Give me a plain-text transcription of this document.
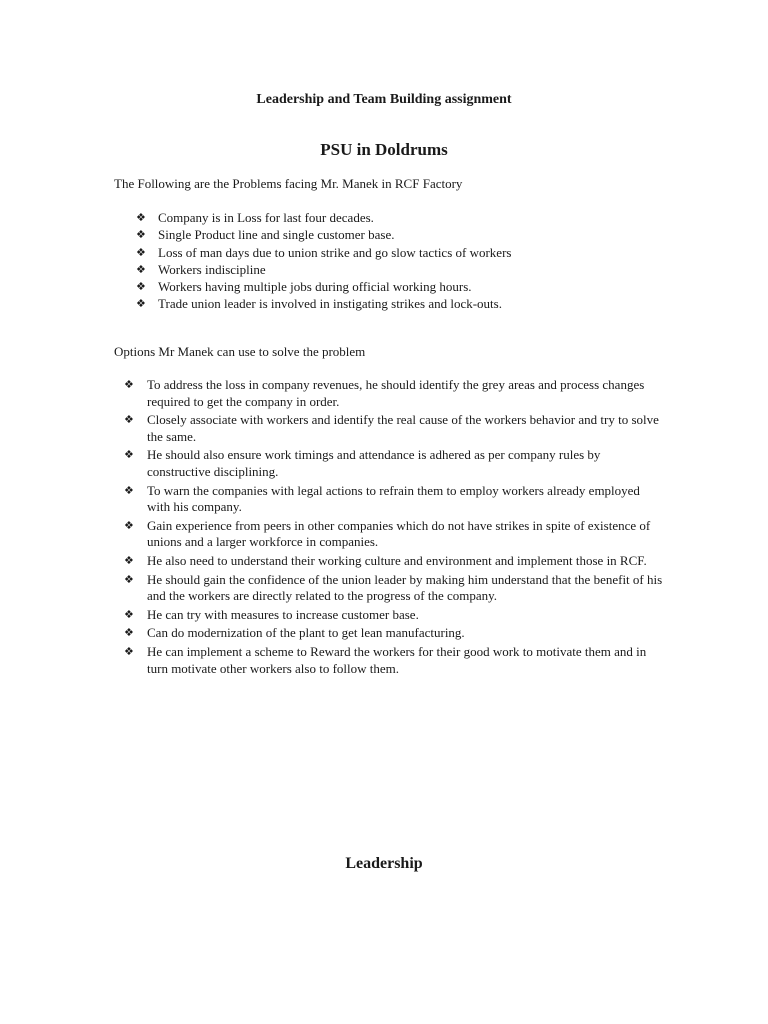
Leadership and Team Building assignment
PSU in Doldrums
The Following are the Problems facing Mr. Manek in RCF Factory
❖ Company is in Loss for last four decades.
❖ Single Product line and single customer base.
❖ Loss of man days due to union strike and go slow tactics of workers
❖ Workers indiscipline
❖ Workers having multiple jobs during official working hours.
❖ Trade union leader is involved in instigating strikes and lock-outs.
Options Mr Manek can use to solve the problem
❖ To address the loss in company revenues, he should identify the grey areas and process changes required to get the company in order.
❖ Closely associate with workers and identify the real cause of the workers behavior and try to solve the same.
❖ He should also ensure work timings and attendance is adhered as per company rules by constructive disciplining.
❖ To warn the companies with legal actions to refrain them to employ workers already employed with his company.
❖ Gain experience from peers in other companies which do not have strikes in spite of existence of unions and a larger workforce in companies.
❖ He also need to understand their working culture and environment and implement those in RCF.
❖ He should gain the confidence of the union leader by making him understand that the benefit of his and the workers are directly related to the progress of the company.
❖ He can try with measures to increase customer base.
❖ Can do modernization of the plant to get lean manufacturing.
❖ He can implement a scheme to Reward the workers for their good work to motivate them and in turn motivate other workers also to follow them.
Leadership
